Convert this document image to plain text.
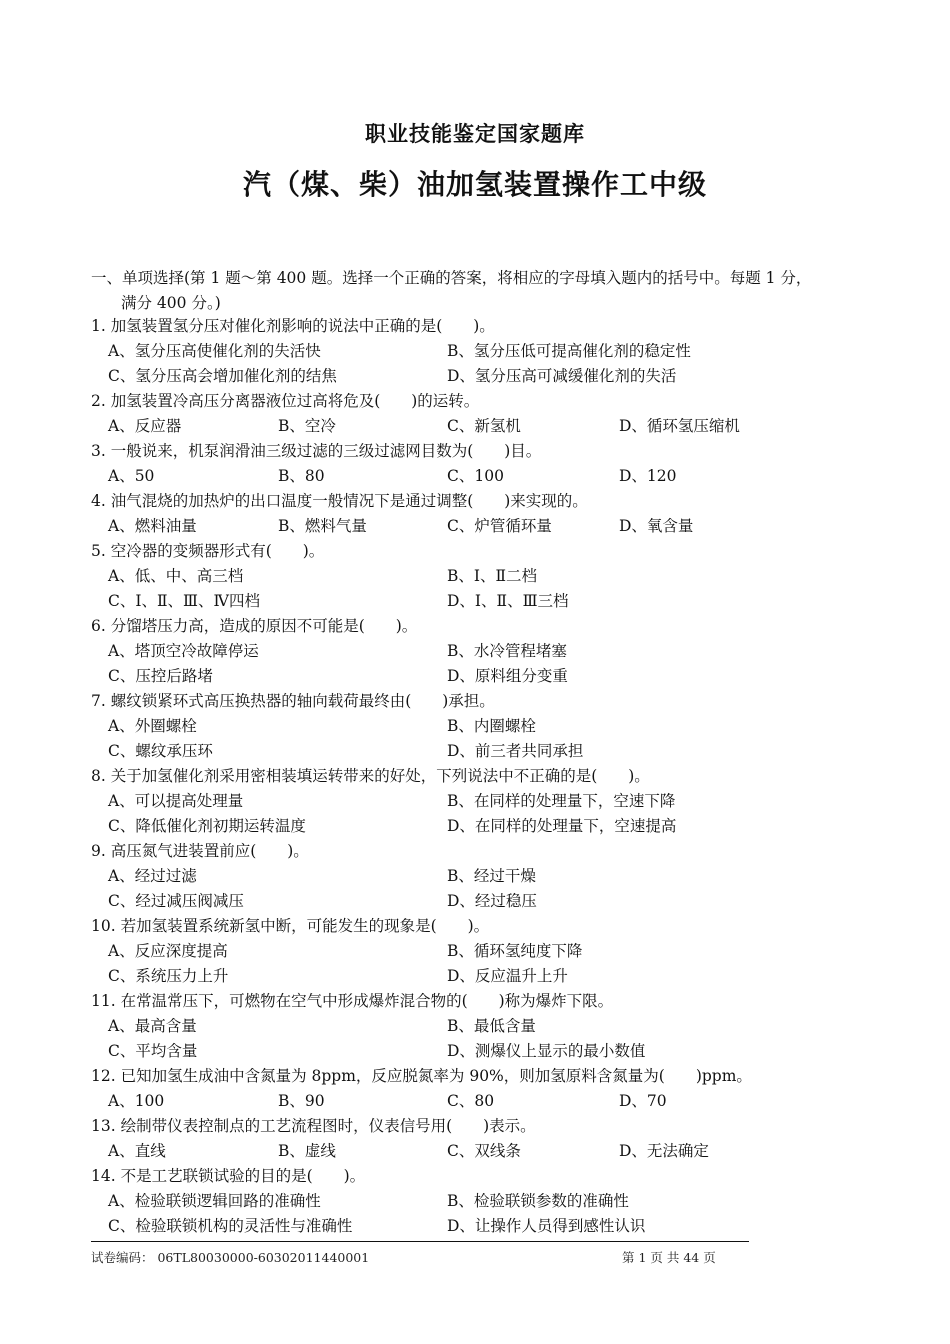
职业技能鉴定国家题库
汽（煤、柴）油加氢装置操作工中级
一、单项选择(第 1 题～第 400 题。选择一个正确的答案，将相应的字母填入题内的括号中。每题 1 分，
满分 400 分。)
1. 加氢装置氢分压对催化剂影响的说法中正确的是(　　)。
A、氢分压高使催化剂的失活快	B、氢分压低可提高催化剂的稳定性
C、氢分压高会增加催化剂的结焦	D、氢分压高可减缓催化剂的失活
2. 加氢装置冷高压分离器液位过高将危及(　　)的运转。
A、反应器	B、空冷	C、新氢机	D、循环氢压缩机
3. 一般说来，机泵润滑油三级过滤的三级过滤网目数为(　　)目。
A、50	B、80	C、100	D、120
4. 油气混烧的加热炉的出口温度一般情况下是通过调整(　　)来实现的。
A、燃料油量	B、燃料气量	C、炉管循环量	D、氧含量
5. 空冷器的变频器形式有(　　)。
A、低、中、高三档	B、Ⅰ、Ⅱ二档
C、Ⅰ、Ⅱ、Ⅲ、Ⅳ四档	D、Ⅰ、Ⅱ、Ⅲ三档
6. 分馏塔压力高，造成的原因不可能是(　　)。
A、塔顶空冷故障停运	B、水冷管程堵塞
C、压控后路堵	D、原料组分变重
7. 螺纹锁紧环式高压换热器的轴向载荷最终由(　　)承担。
A、外圈螺栓	B、内圈螺栓
C、螺纹承压环	D、前三者共同承担
8. 关于加氢催化剂采用密相装填运转带来的好处，下列说法中不正确的是(　　)。
A、可以提高处理量	B、在同样的处理量下，空速下降
C、降低催化剂初期运转温度	D、在同样的处理量下，空速提高
9. 高压氮气进装置前应(　　)。
A、经过过滤	B、经过干燥
C、经过减压阀减压	D、经过稳压
10. 若加氢装置系统新氢中断，可能发生的现象是(　　)。
A、反应深度提高	B、循环氢纯度下降
C、系统压力上升	D、反应温升上升
11. 在常温常压下，可燃物在空气中形成爆炸混合物的(　　)称为爆炸下限。
A、最高含量	B、最低含量
C、平均含量	D、测爆仪上显示的最小数值
12. 已知加氢生成油中含氮量为 8ppm，反应脱氮率为 90%，则加氢原料含氮量为(　　)ppm。
A、100	B、90	C、80	D、70
13. 绘制带仪表控制点的工艺流程图时，仪表信号用(　　)表示。
A、直线	B、虚线	C、双线条	D、无法确定
14. 不是工艺联锁试验的目的是(　　)。
A、检验联锁逻辑回路的准确性	B、检验联锁参数的准确性
C、检验联锁机构的灵活性与准确性	D、让操作人员得到感性认识
试卷编码： 06TL80030000-60302011440001	第 1 页 共 44 页
